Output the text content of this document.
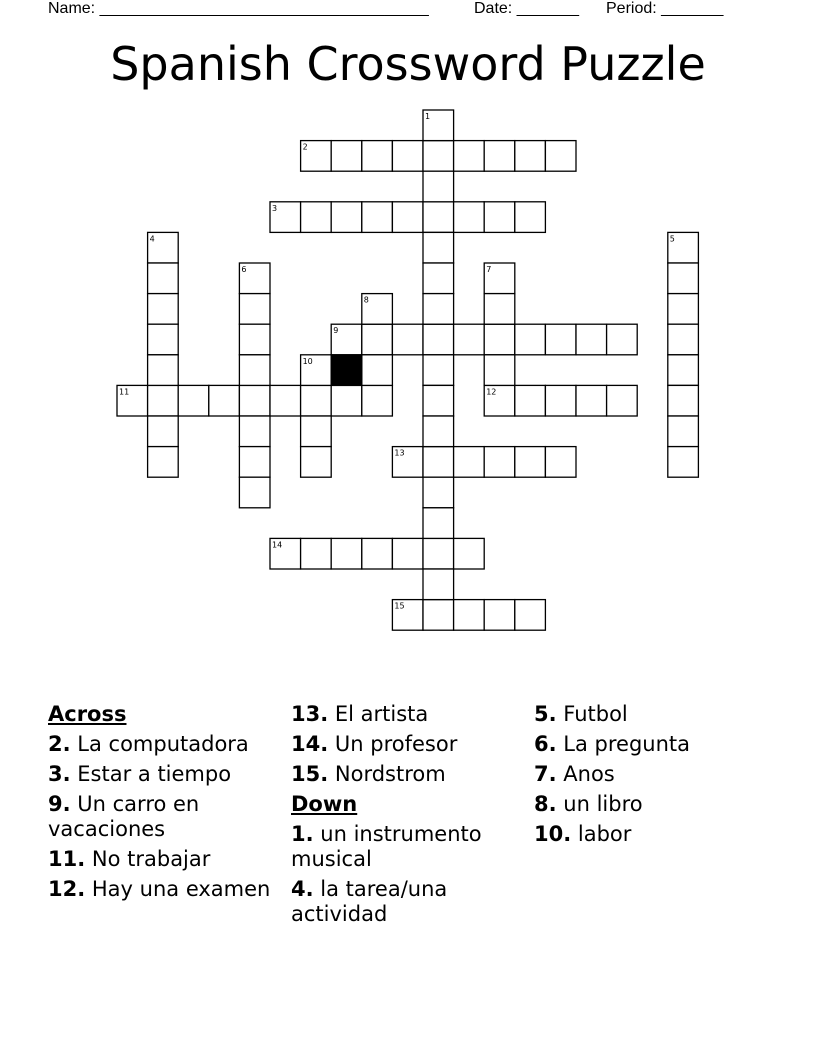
Name: _____________________________________	Date: _______ Period: _______
Spanish Crossword Puzzle
1
2
3
4	5
6	7
8
9
10
11	12
13
14
15
Across
2. La computadora
3. Estar a tiempo
9. Un carro en vacaciones
11. No trabajar
12. Hay una examen
13. El artista
14. Un profesor
15. Nordstrom
Down
1. un instrumento musical
4. la tarea/una actividad
5. Futbol
6. La pregunta
7. Anos
8. un libro
10. labor
